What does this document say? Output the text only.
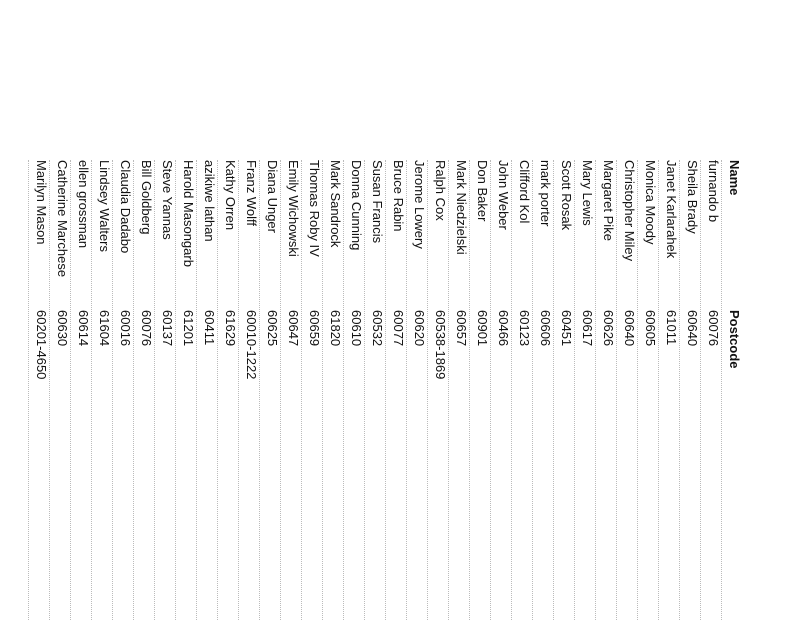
Name
Postcode
furnando b
60076
Sheila Brady
60640
Janet Karlarahek
61011
Monica Moody
60605
Christopher Miley
60640
Margaret Pike
60626
Mary Lewis
60617
Scott Rosak
60451
mark porter
60606
Clifford Kol
60123
John Weber
60466
Don Baker
60901
Mark Niedzielski
60657
Ralph Cox
60538-1869
Jerome Lowery
60620
Bruce Rabin
60077
Susan Francis
60532
Donna Cunning
60610
Mark Sandrock
61820
Thomas Roby IV
60659
Emily Wichowski
60647
Diana Unger
60625
Franz Wolff
60010-1222
Kathy Orren
61629
azikiwe lathan
60411
Harold Masongarb
61201
Steve Yannas
60137
Bill Goldberg
60076
Claudia Dadabo
60016
Lindsey Walters
61604
ellen grossman
60614
Catherine Marchese
60630
Marilyn Mason
60201-4650
